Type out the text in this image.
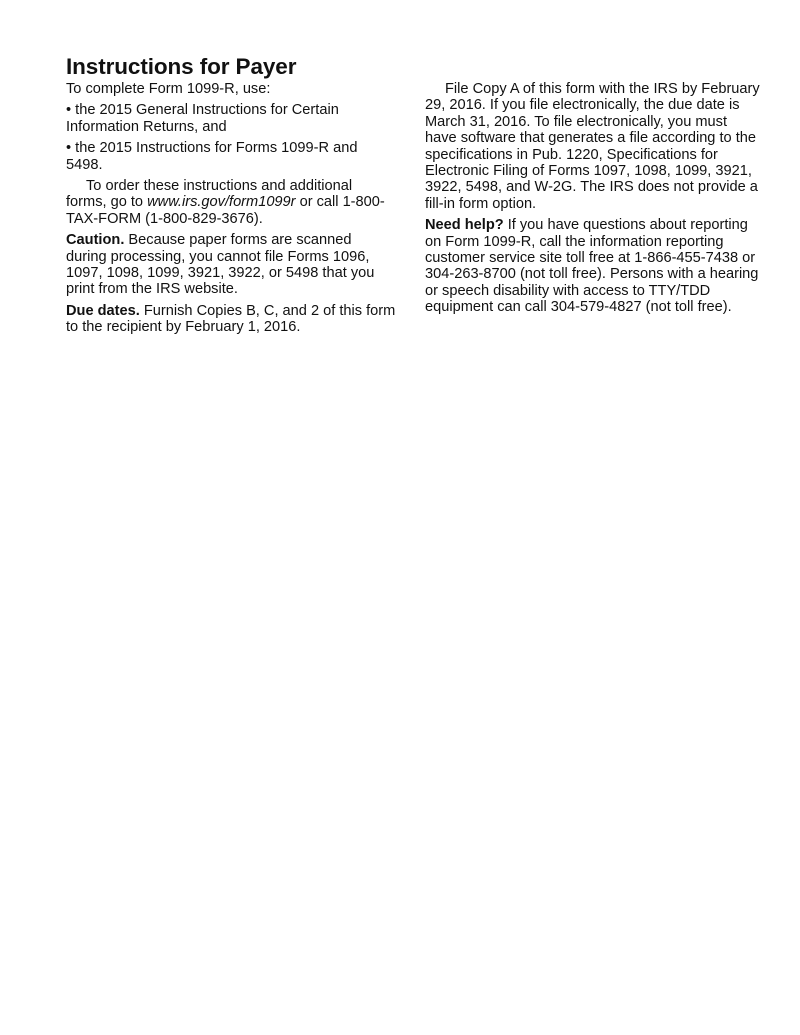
Instructions for Payer

To complete Form 1099-R, use:

• the 2015 General Instructions for Certain Information Returns, and

• the 2015 Instructions for Forms 1099-R and 5498.

To order these instructions and additional forms, go to www.irs.gov/form1099r or call 1-800-TAX-FORM (1-800-829-3676).

Caution. Because paper forms are scanned during processing, you cannot file Forms 1096, 1097, 1098, 1099, 3921, 3922, or 5498 that you print from the IRS website.

Due dates. Furnish Copies B, C, and 2 of this form to the recipient by February 1, 2016.

File Copy A of this form with the IRS by February 29, 2016. If you file electronically, the due date is March 31, 2016. To file electronically, you must have software that generates a file according to the specifications in Pub. 1220, Specifications for Electronic Filing of Forms 1097, 1098, 1099, 3921, 3922, 5498, and W-2G. The IRS does not provide a fill-in form option.

Need help? If you have questions about reporting on Form 1099-R, call the information reporting customer service site toll free at 1-866-455-7438 or 304-263-8700 (not toll free). Persons with a hearing or speech disability with access to TTY/TDD equipment can call 304-579-4827 (not toll free).
